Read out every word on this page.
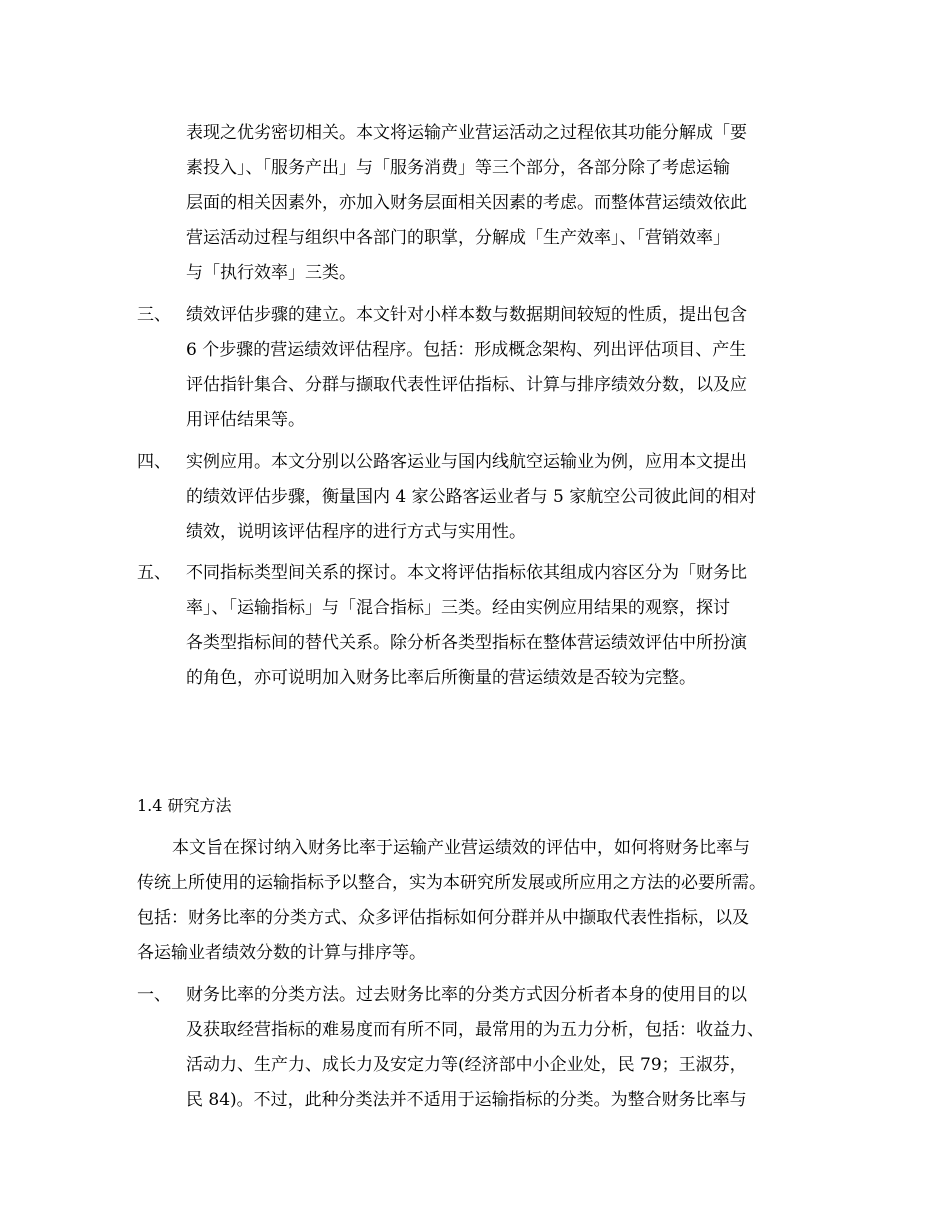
表现之优劣密切相关。本文将运输产业营运活动之过程依其功能分解成「要
素投入」、「服务产出」与「服务消费」等三个部分，各部分除了考虑运输
层面的相关因素外，亦加入财务层面相关因素的考虑。而整体营运绩效依此
营运活动过程与组织中各部门的职掌，分解成「生产效率」、「营销效率」
与「执行效率」三类。
三、 绩效评估步骤的建立。本文针对小样本数与数据期间较短的性质，提出包含
6 个步骤的营运绩效评估程序。包括：形成概念架构、列出评估项目、产生
评估指针集合、分群与撷取代表性评估指标、计算与排序绩效分数，以及应
用评估结果等。
四、 实例应用。本文分别以公路客运业与国内线航空运输业为例，应用本文提出
的绩效评估步骤，衡量国内 4 家公路客运业者与 5 家航空公司彼此间的相对
绩效，说明该评估程序的进行方式与实用性。
五、 不同指标类型间关系的探讨。本文将评估指标依其组成内容区分为「财务比
率」、「运输指标」与「混合指标」三类。经由实例应用结果的观察，探讨
各类型指标间的替代关系。除分析各类型指标在整体营运绩效评估中所扮演
的角色，亦可说明加入财务比率后所衡量的营运绩效是否较为完整。
1.4 研究方法
本文旨在探讨纳入财务比率于运输产业营运绩效的评估中，如何将财务比率与
传统上所使用的运输指标予以整合，实为本研究所发展或所应用之方法的必要所需。
包括：财务比率的分类方式、众多评估指标如何分群并从中撷取代表性指标，以及
各运输业者绩效分数的计算与排序等。
一、 财务比率的分类方法。过去财务比率的分类方式因分析者本身的使用目的以
及获取经营指标的难易度而有所不同，最常用的为五力分析，包括：收益力、
活动力、生产力、成长力及安定力等(经济部中小企业处，民 79；王淑芬，
民 84)。不过，此种分类法并不适用于运输指标的分类。为整合财务比率与
